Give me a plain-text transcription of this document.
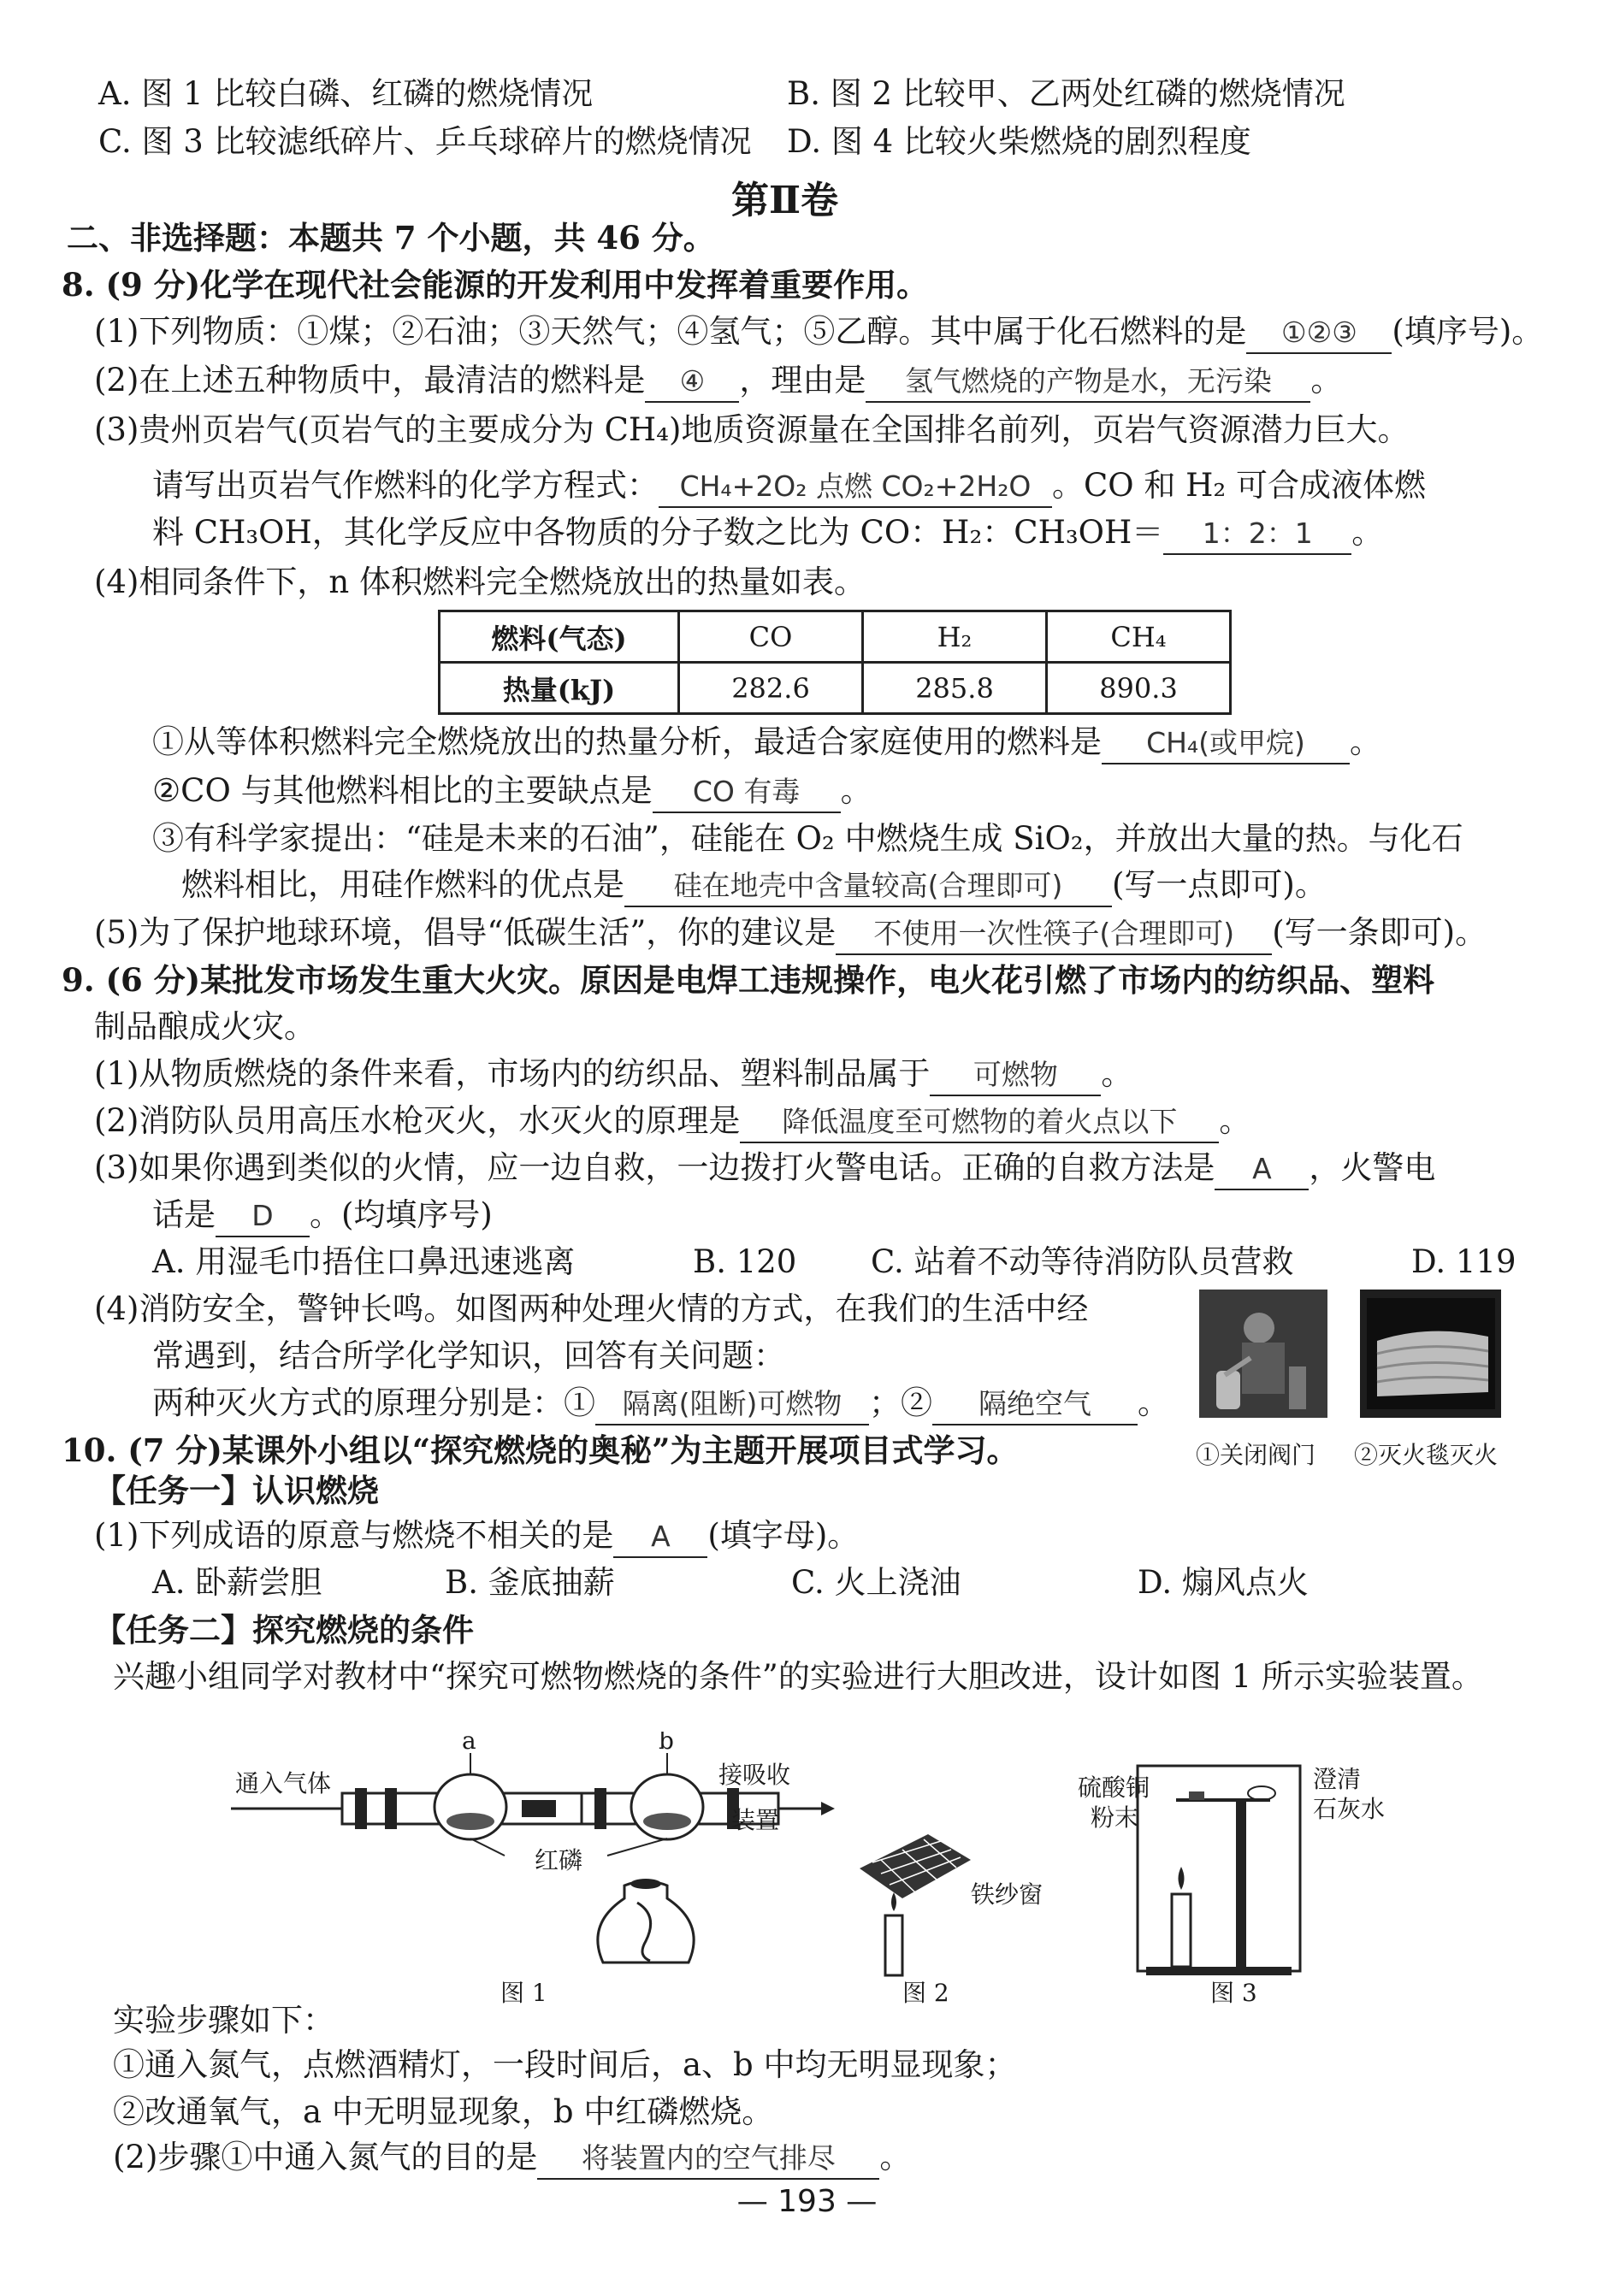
A. 图 1 比较白磷、红磷的燃烧情况	B. 图 2 比较甲、乙两处红磷的燃烧情况
C. 图 3 比较滤纸碎片、乒乓球碎片的燃烧情况 D. 图 4 比较火柴燃烧的剧烈程度
第Ⅱ卷
二、非选择题：本题共 7 个小题，共 46 分。
8. (9 分)化学在现代社会能源的开发利用中发挥着重要作用。
(1)下列物质：①煤；②石油；③天然气；④氢气；⑤乙醇。其中属于化石燃料的是 ①②③ (填序号)。
(2)在上述五种物质中，最清洁的燃料是 ④ ，理由是 氢气燃烧的产物是水，无污染 。
(3)贵州页岩气(页岩气的主要成分为 CH₄)地质资源量在全国排名前列，页岩气资源潜力巨大。
请写出页岩气作燃料的化学方程式： CH₄+2O₂ 点燃 CO₂+2H₂O 。CO 和 H₂ 可合成液体燃
料 CH₃OH，其化学反应中各物质的分子数之比为 CO：H₂：CH₃OH＝ 1：2：1 。
(4)相同条件下，n 体积燃料完全燃烧放出的热量如表。
燃料(气态)	CO	H₂	CH₄
热量(kJ)	282.6	285.8	890.3
①从等体积燃料完全燃烧放出的热量分析，最适合家庭使用的燃料是 CH₄(或甲烷) 。
②CO 与其他燃料相比的主要缺点是 CO 有毒 。
③有科学家提出：“硅是未来的石油”，硅能在 O₂ 中燃烧生成 SiO₂，并放出大量的热。与化石
燃料相比，用硅作燃料的优点是 硅在地壳中含量较高(合理即可) (写一点即可)。
(5)为了保护地球环境，倡导“低碳生活”，你的建议是 不使用一次性筷子(合理即可) (写一条即可)。
9. (6 分)某批发市场发生重大火灾。原因是电焊工违规操作，电火花引燃了市场内的纺织品、塑料
制品酿成火灾。
(1)从物质燃烧的条件来看，市场内的纺织品、塑料制品属于 可燃物 。
(2)消防队员用高压水枪灭火，水灭火的原理是 降低温度至可燃物的着火点以下 。
(3)如果你遇到类似的火情，应一边自救，一边拨打火警电话。正确的自救方法是 A ，火警电
话是 D 。(均填序号)
A. 用湿毛巾捂住口鼻迅速逃离	B. 120 C. 站着不动等待消防队员营救	D. 119
(4)消防安全，警钟长鸣。如图两种处理火情的方式，在我们的生活中经
常遇到，结合所学化学知识，回答有关问题：
两种灭火方式的原理分别是：① 隔离(阻断)可燃物 ；② 隔绝空气 。
①关闭阀门 ②灭火毯灭火
10. (7 分)某课外小组以“探究燃烧的奥秘”为主题开展项目式学习。
【任务一】认识燃烧
(1)下列成语的原意与燃烧不相关的是 A (填字母)。
A. 卧薪尝胆	B. 釜底抽薪	C. 火上浇油	D. 煽风点火
【任务二】探究燃烧的条件
兴趣小组同学对教材中“探究可燃物燃烧的条件”的实验进行大胆改进，设计如图 1 所示实验装置。
通入气体
a	b
接吸收
装置
红磷
图 1
铁纱窗
图 2
硫酸铜
粉末
澄清
石灰水
图 3
实验步骤如下：
①通入氮气，点燃酒精灯，一段时间后，a、b 中均无明显现象；
②改通氧气，a 中无明显现象，b 中红磷燃烧。
— 193 —
(2)步骤①中通入氮气的目的是 将装置内的空气排尽 。
